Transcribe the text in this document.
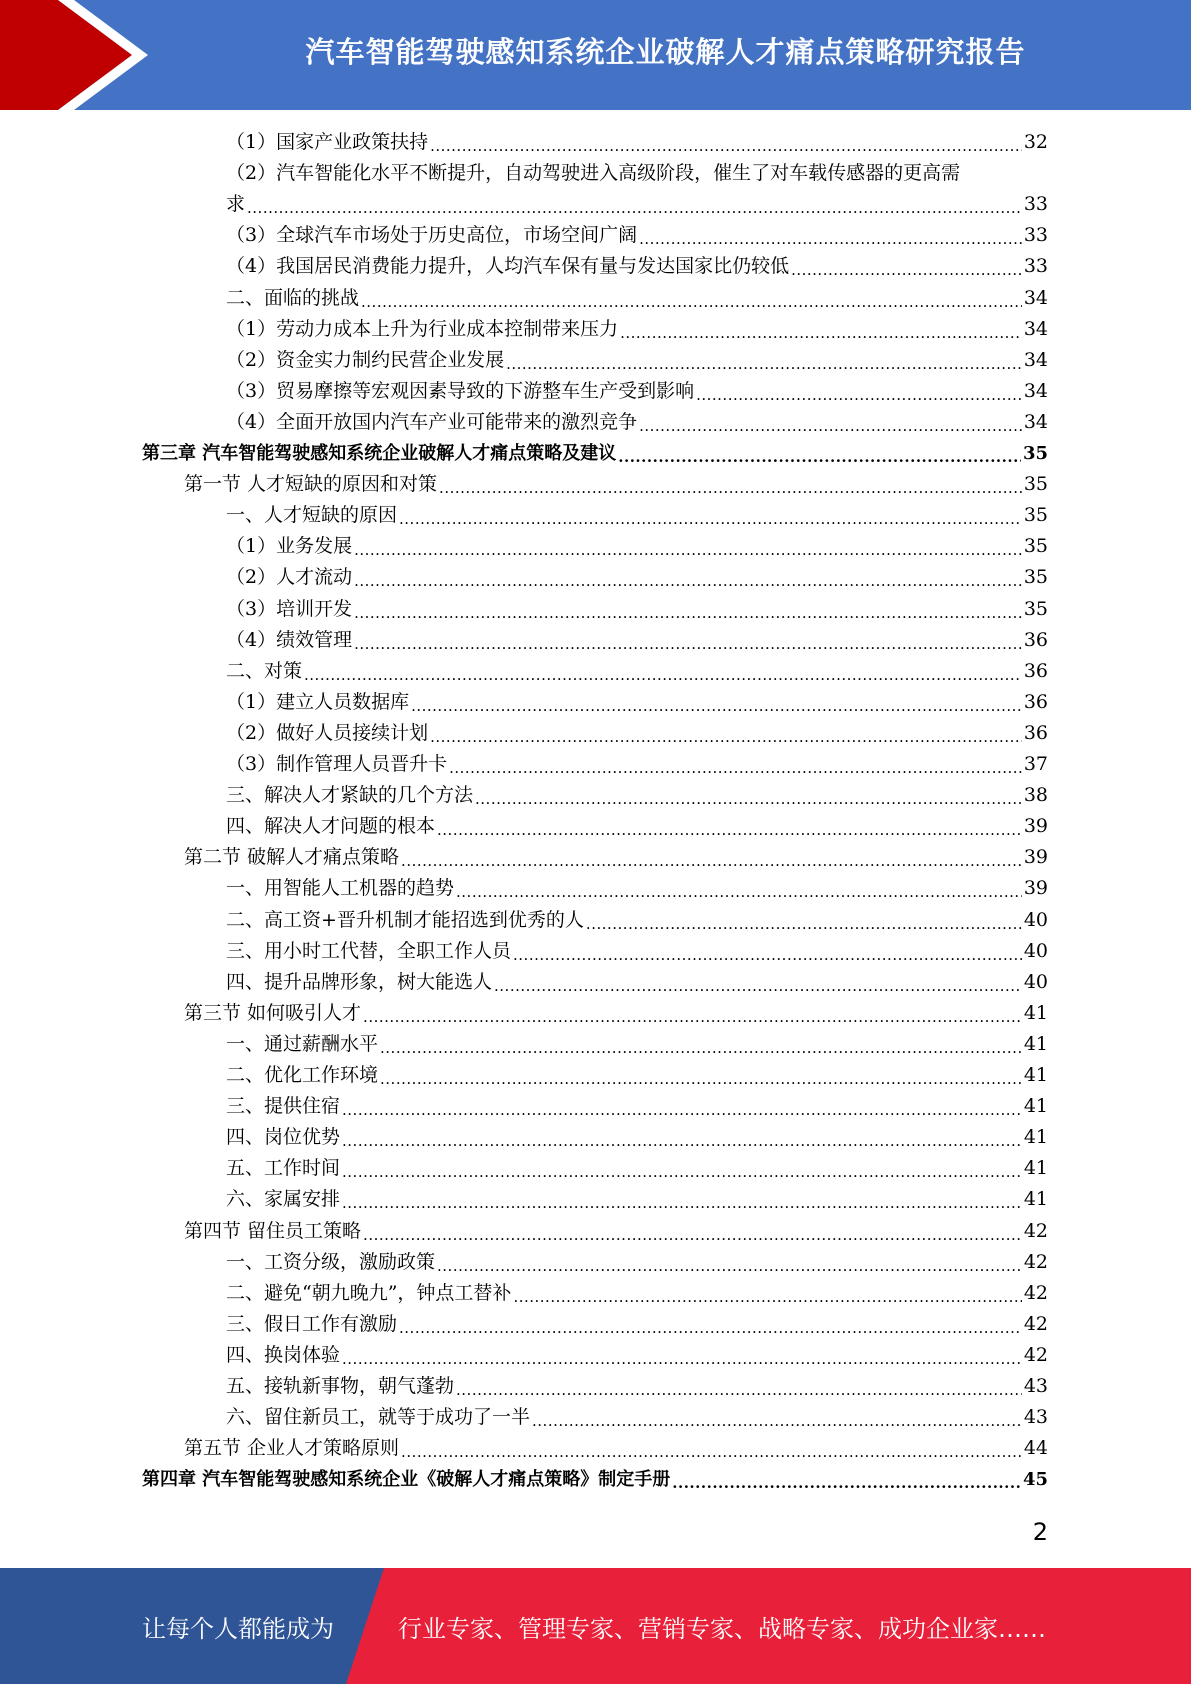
汽车智能驾驶感知系统企业破解人才痛点策略研究报告
（1）国家产业政策扶持 .....	32
（2）汽车智能化水平不断提升，自动驾驶进入高级阶段，催生了对车载传感器的更高需
求 .....	33
（3）全球汽车市场处于历史高位，市场空间广阔 .....	33
（4）我国居民消费能力提升，人均汽车保有量与发达国家比仍较低 .....	33
二、面临的挑战 .....	34
（1）劳动力成本上升为行业成本控制带来压力 .....	34
（2）资金实力制约民营企业发展 .....	34
（3）贸易摩擦等宏观因素导致的下游整车生产受到影响 .....	34
（4）全面开放国内汽车产业可能带来的激烈竞争 .....	34
第三章 汽车智能驾驶感知系统企业破解人才痛点策略及建议 .....	35
第一节 人才短缺的原因和对策 .....	35
一、人才短缺的原因 .....	35
（1）业务发展 .....	35
（2）人才流动 .....	35
（3）培训开发 .....	35
（4）绩效管理 .....	36
二、对策 .....	36
（1）建立人员数据库 .....	36
（2）做好人员接续计划 .....	36
（3）制作管理人员晋升卡 .....	37
三、解决人才紧缺的几个方法 .....	38
四、解决人才问题的根本 .....	39
第二节 破解人才痛点策略 .....	39
一、用智能人工机器的趋势 .....	39
二、高工资+晋升机制才能招选到优秀的人 .....	40
三、用小时工代替，全职工作人员 .....	40
四、提升品牌形象，树大能选人 .....	40
第三节 如何吸引人才 .....	41
一、通过薪酬水平 .....	41
二、优化工作环境 .....	41
三、提供住宿 .....	41
四、岗位优势 .....	41
五、工作时间 .....	41
六、家属安排 .....	41
第四节 留住员工策略 .....	42
一、工资分级，激励政策 .....	42
二、避免“朝九晚九”，钟点工替补 .....	42
三、假日工作有激励 .....	42
四、换岗体验 .....	42
五、接轨新事物，朝气蓬勃 .....	43
六、留住新员工，就等于成功了一半 .....	43
第五节 企业人才策略原则 .....	44
第四章 汽车智能驾驶感知系统企业《破解人才痛点策略》制定手册 .....	45
2
让每个人都能成为	行业专家、管理专家、营销专家、战略专家、成功企业家……
